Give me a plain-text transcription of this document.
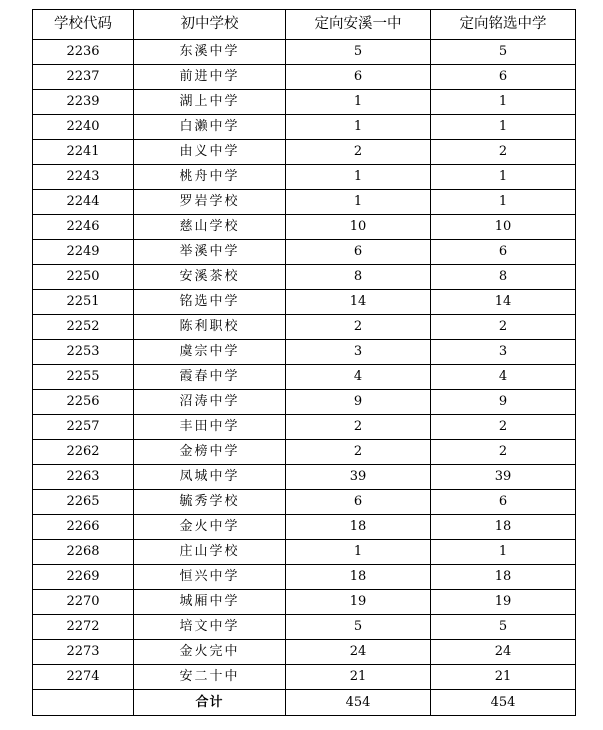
学校代码	初中学校	定向安溪一中	定向铭选中学
2236	东溪中学	5	5
2237	前进中学	6	6
2239	湖上中学	1	1
2240	白濑中学	1	1
2241	由义中学	2	2
2243	桃舟中学	1	1
2244	罗岩学校	1	1
2246	慈山学校	10	10
2249	举溪中学	6	6
2250	安溪茶校	8	8
2251	铭选中学	14	14
2252	陈利职校	2	2
2253	虞宗中学	3	3
2255	霞春中学	4	4
2256	沼涛中学	9	9
2257	丰田中学	2	2
2262	金榜中学	2	2
2263	凤城中学	39	39
2265	毓秀学校	6	6
2266	金火中学	18	18
2268	庄山学校	1	1
2269	恒兴中学	18	18
2270	城厢中学	19	19
2272	培文中学	5	5
2273	金火完中	24	24
2274	安二十中	21	21
	合计	454	454
